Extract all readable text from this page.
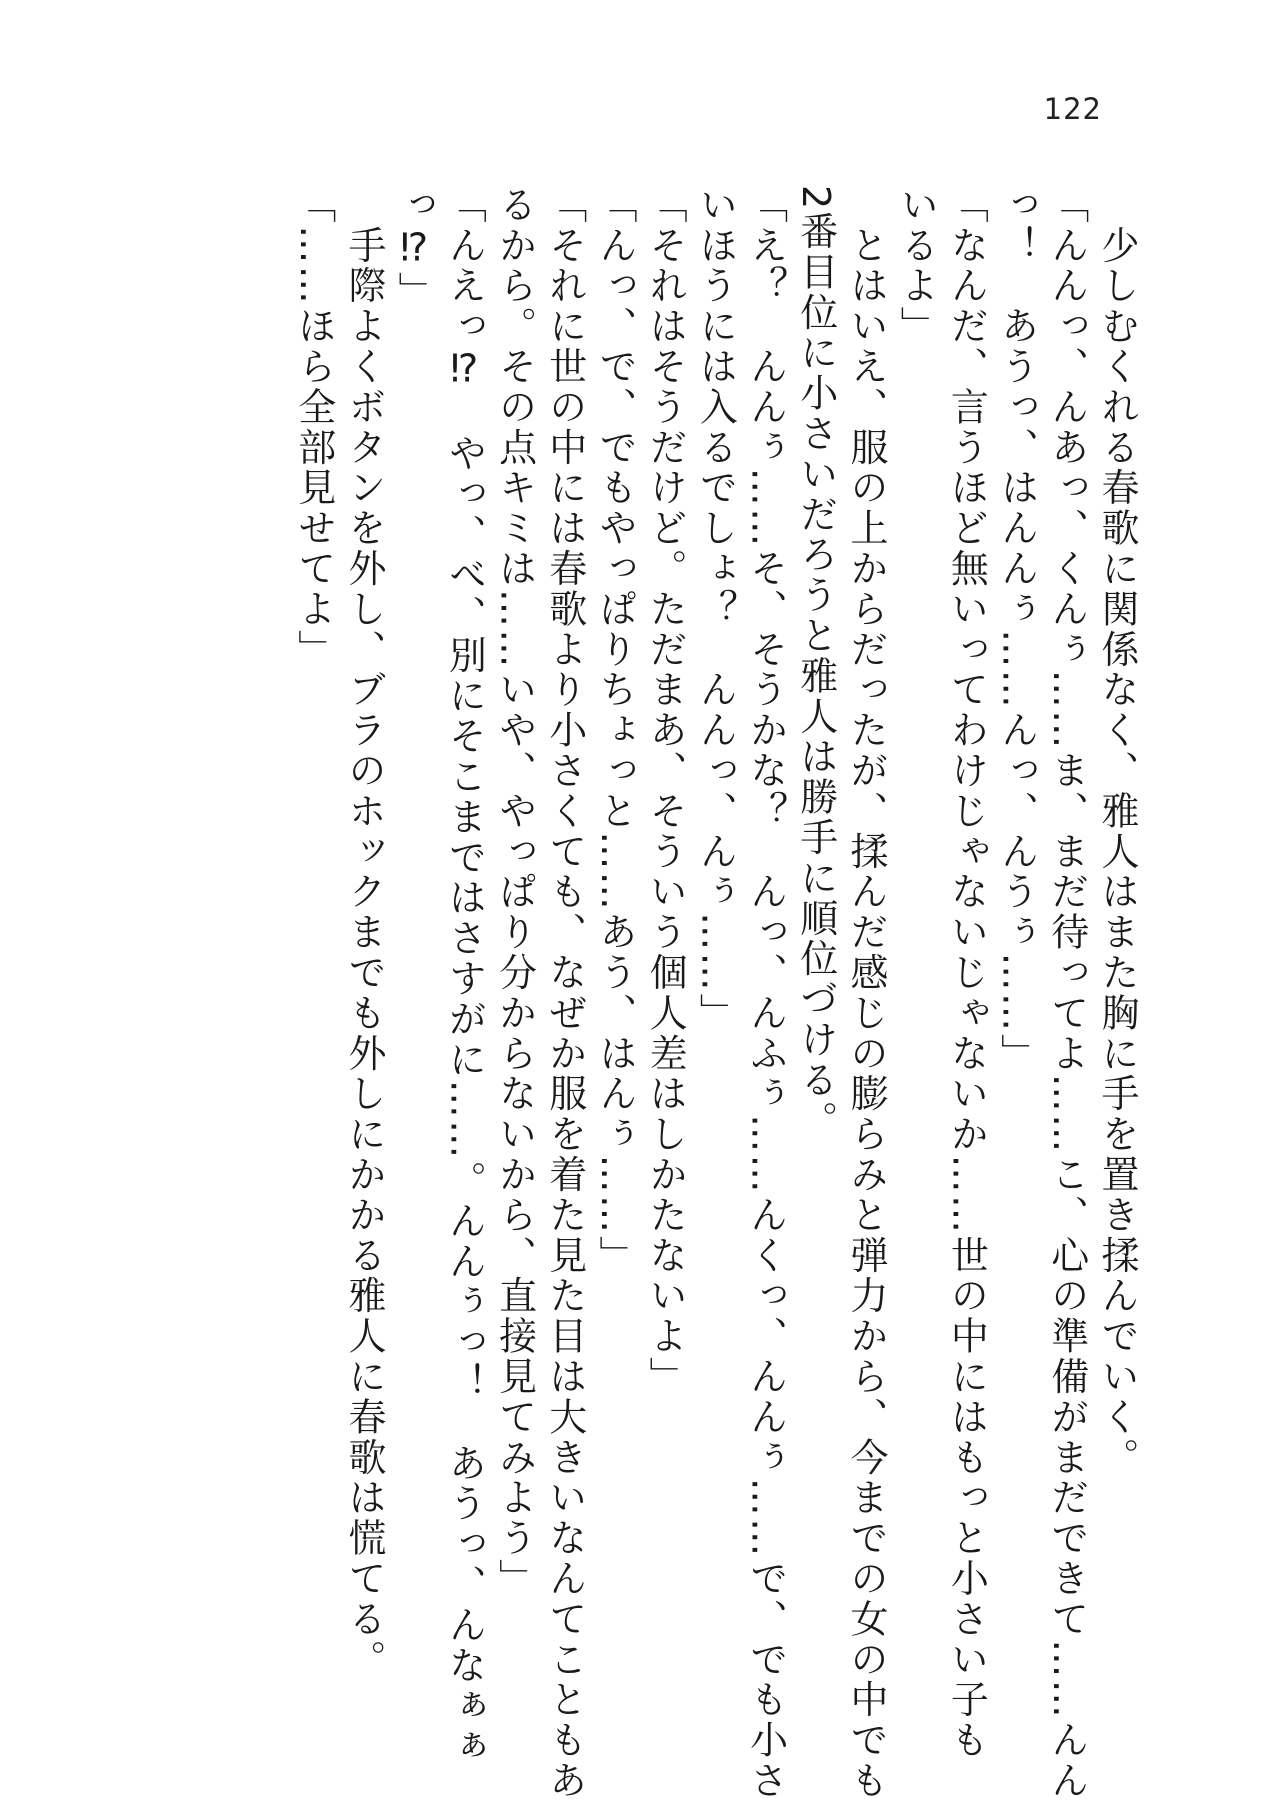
122
　少しむくれる春歌に関係なく、雅人はまた胸に手を置き揉んでいく。
「んんっ、んあっ、くんぅ……ま、まだ待ってよ……こ、心の準備がまだできて……んん
っ！　あうっ、はんんぅ……んっ、んうぅ……」
「なんだ、言うほど無いってわけじゃないじゃないか……世の中にはもっと小さい子も
いるよ」
　とはいえ、服の上からだったが、揉んだ感じの膨らみと弾力から、今までの女の中でも
2番目位に小さいだろうと雅人は勝手に順位づける。
「え？　んんぅ……そ、そうかな？　んっ、んふぅ……んくっ、んんぅ……で、でも小さ
いほうには入るでしょ？　んんっ、んぅ……」
「それはそうだけど。ただまあ、そういう個人差はしかたないよ」
「んっ、で、でもやっぱりちょっと……あう、はんぅ……」
「それに世の中には春歌より小さくても、なぜか服を着た見た目は大きいなんてこともあ
るから。その点キミは……いや、やっぱり分からないから、直接見てみよう」
「んえっ⁉　やっ、べ、別にそこまではさすがに……。んんぅっ！　あうっ、んなぁぁ
っ⁉」
　手際よくボタンを外し、ブラのホックまでも外しにかかる雅人に春歌は慌てる。
「……ほら全部見せてよ」
